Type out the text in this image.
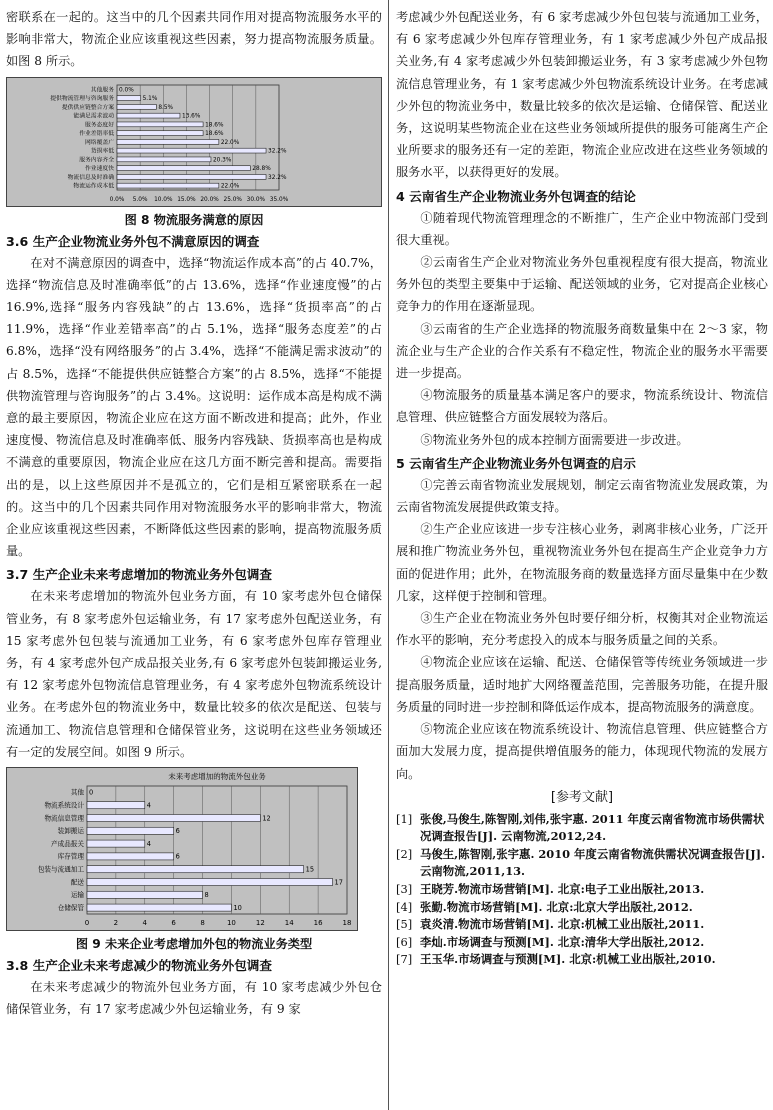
密联系在一起的。这当中的几个因素共同作用对提高物流服务水平的影响非常大，物流企业应该重视这些因素，努力提高物流服务质量。如图 8 所示。

0.0% 5.0% 10.0% 15.0% 20.0% 25.0% 30.0% 35.0%
其他服务 0.0%
提供物流管理与咨询服务	5.1%
提供供应链整合方案	8.5%
能满足需求波动	13.6%
服务态度好	18.6%
作业差错率低	18.6%
网络覆盖广	22.0%
货损率低	32.2%
服务内容齐全	20.3%
作业速度快	28.8%
物流信息及时准确	32.2%
物流运作成本低	22.0%
图 8 物流服务满意的原因
3.6 生产企业物流业务外包不满意原因的调查

在对不满意原因的调查中，选择“物流运作成本高”的占 40.7%，选择“物流信息及时准确率低”的占 13.6%，选择“作业速度慢”的占 16.9%,选择“服务内容残缺”的占 13.6%，选择“货损率高”的占 11.9%，选择“作业差错率高”的占 5.1%，选择“服务态度差”的占 6.8%，选择“没有网络服务”的占 3.4%，选择“不能满足需求波动”的占 8.5%，选择“不能提供供应链整合方案”的占 8.5%，选择“不能提供物流管理与咨询服务”的占 3.4%。这说明：运作成本高是构成不满意的最主要原因，物流企业应在这方面不断改进和提高；此外，作业速度慢、物流信息及时准确率低、服务内容残缺、货损率高也是构成不满意的重要原因，物流企业应在这几方面不断完善和提高。需要指出的是，以上这些原因并不是孤立的，它们是相互紧密联系在一起的。这当中的几个因素共同作用对物流服务水平的影响非常大，物流企业应该重视这些因素，不断降低这些因素的影响，提高物流服务质量。

3.7 生产企业未来考虑增加的物流业务外包调查

在未来考虑增加的物流外包业务方面，有 10 家考虑外包仓储保管业务，有 8 家考虑外包运输业务，有 17 家考虑外包配送业务，有 15 家考虑外包包装与流通加工业务，有 6 家考虑外包库存管理业务，有 4 家考虑外包产成品报关业务,有 6 家考虑外包装卸搬运业务,有 12 家考虑外包物流信息管理业务，有 4 家考虑外包物流系统设计业务。在考虑外包的物流业务中，数量比较多的依次是配送、包装与流通加工、物流信息管理和仓储保管业务，这说明在这些业务领域还有一定的发展空间。如图 9 所示。

未来考虑增加的物流外包业务
0	2	4	6	8	10	12	14	16	18
其他 0
物流系统设计	4
物流信息管理	12
装卸搬运	6
产成品报关	4
库存管理	6
包装与流通加工	15
配送	17
运输	8
仓储保管	10
图 9 未来企业考虑增加外包的物流业务类型
3.8 生产企业未来考虑减少的物流业务外包调查

在未来考虑减少的物流外包业务方面，有 10 家考虑减少外包仓储保管业务，有 17 家考虑减少外包运输业务，有 9 家

考虑减少外包配送业务，有 6 家考虑减少外包包装与流通加工业务，有 6 家考虑减少外包库存管理业务，有 1 家考虑减少外包产成品报关业务,有 4 家考虑减少外包装卸搬运业务，有 3 家考虑减少外包物流信息管理业务，有 1 家考虑减少外包物流系统设计业务。在考虑减少外包的物流业务中，数量比较多的依次是运输、仓储保管、配送业务，这说明某些物流企业在这些业务领域所提供的服务可能离生产企业所要求的服务还有一定的差距，物流企业应改进在这些业务领域的服务水平，以获得更好的发展。

4 云南省生产企业物流业务外包调查的结论

①随着现代物流管理理念的不断推广，生产企业中物流部门受到很大重视。

②云南省生产企业对物流业务外包重视程度有很大提高，物流业务外包的类型主要集中于运输、配送领域的业务，它对提高企业核心竞争力的作用在逐渐显现。

③云南省的生产企业选择的物流服务商数量集中在 2～3 家，物流企业与生产企业的合作关系有不稳定性，物流企业的服务水平需要进一步提高。

④物流服务的质量基本满足客户的要求，物流系统设计、物流信息管理、供应链整合方面发展较为落后。

⑤物流业务外包的成本控制方面需要进一步改进。

5 云南省生产企业物流业务外包调查的启示

①完善云南省物流业发展规划，制定云南省物流业发展政策，为云南省物流发展提供政策支持。

②生产企业应该进一步专注核心业务，剥离非核心业务，广泛开展和推广物流业务外包，重视物流业务外包在提高生产企业竞争力方面的促进作用；此外，在物流服务商的数量选择方面尽量集中在少数几家，这样便于控制和管理。

③生产企业在物流业务外包时要仔细分析，权衡其对企业物流运作水平的影响，充分考虑投入的成本与服务质量之间的关系。

④物流企业应该在运输、配送、仓储保管等传统业务领域进一步提高服务质量，适时地扩大网络覆盖范围，完善服务功能，在提升服务质量的同时进一步控制和降低运作成本，提高物流服务的满意度。

⑤物流企业应该在物流系统设计、物流信息管理、供应链整合方面加大发展力度，提高提供增值服务的能力，体现现代物流的发展方向。

[参考文献]
[1] 张俊,马俊生,陈智刚,刘伟,张宇惠. 2011 年度云南省物流市场供需状况调查报告[J]. 云南物流,2012,24.
[2] 马俊生,陈智刚,张宇惠. 2010 年度云南省物流供需状况调查报告[J]. 云南物流,2011,13.
[3] 王晓芳.物流市场营销[M]. 北京:电子工业出版社,2013.
[4] 张勤.物流市场营销[M]. 北京:北京大学出版社,2012.
[5] 袁炎清.物流市场营销[M]. 北京:机械工业出版社,2011.
[6] 李灿.市场调查与预测[M]. 北京:清华大学出版社,2012.
[7] 王玉华.市场调查与预测[M]. 北京:机械工业出版社,2010.
